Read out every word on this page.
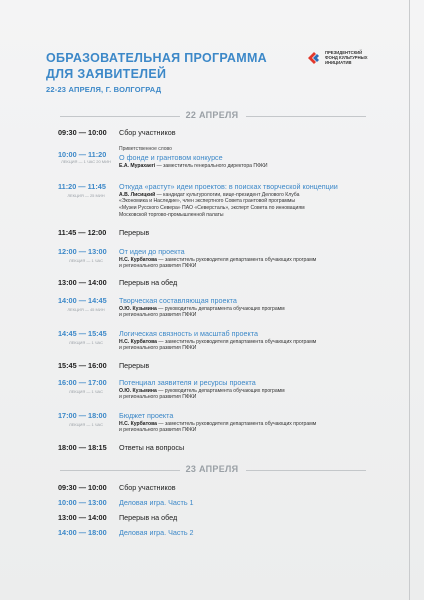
ОБРАЗОВАТЕЛЬНАЯ ПРОГРАММА
ДЛЯ ЗАЯВИТЕЛЕЙ
22-23 АПРЕЛЯ, Г. ВОЛГОГРАД
ПРЕЗИДЕНТСКИЙ
ФОНД КУЛЬТУРНЫХ
ИНИЦИАТИВ
22 АПРЕЛЯ
09:30 — 10:00	Сбор участников
10:00 — 11:20
ЛЕКЦИЯ — 1 ЧАС 20 МИН
Приветственное слово
О фонде и грантовом конкурсе
Е.А. Мурахаеri — заместитель генерального директора ПФКИ
11:20 — 11:45
ЛЕКЦИЯ — 25 МИН
Откуда «растут» идеи проектов: в поисках творческой концепции
А.В. Лисицкий — кандидат культурологии, вице-президент Делового Клуба
«Экономика и Наследие», член экспертного Совета грантовой программы
«Музеи Русского Севера» ПАО «Северсталь», эксперт Совета по инновациям
Московской торгово-промышленной палаты
11:45 — 12:00	Перерыв
12:00 — 13:00
ЛЕКЦИЯ — 1 ЧАС
От идеи до проекта
Н.С. Курбатова — заместитель руководителя департамента обучающих программ
и регионального развития ПФКИ
13:00 — 14:00	Перерыв на обед
14:00 — 14:45
ЛЕКЦИЯ — 45 МИН
Творческая составляющая проекта
О.Ю. Кузьмина — руководитель департамента обучающих программ
и регионального развития ПФКИ
14:45 — 15:45
ЛЕКЦИЯ — 1 ЧАС
Логическая связность и масштаб проекта
Н.С. Курбатова — заместитель руководителя департамента обучающих программ
и регионального развития ПФКИ
15:45 — 16:00	Перерыв
16:00 — 17:00
ЛЕКЦИЯ — 1 ЧАС
Потенциал заявителя и ресурсы проекта
О.Ю. Кузьмина — руководитель департамента обучающих программ
и регионального развития ПФКИ
17:00 — 18:00
ЛЕКЦИЯ — 1 ЧАС
Бюджет проекта
Н.С. Курбатова — заместитель руководителя департамента обучающих программ
и регионального развития ПФКИ
18:00 — 18:15	Ответы на вопросы
23 АПРЕЛЯ
09:30 — 10:00	Сбор участников
10:00 — 13:00	Деловая игра. Часть 1
13:00 — 14:00	Перерыв на обед
14:00 — 18:00	Деловая игра. Часть 2
